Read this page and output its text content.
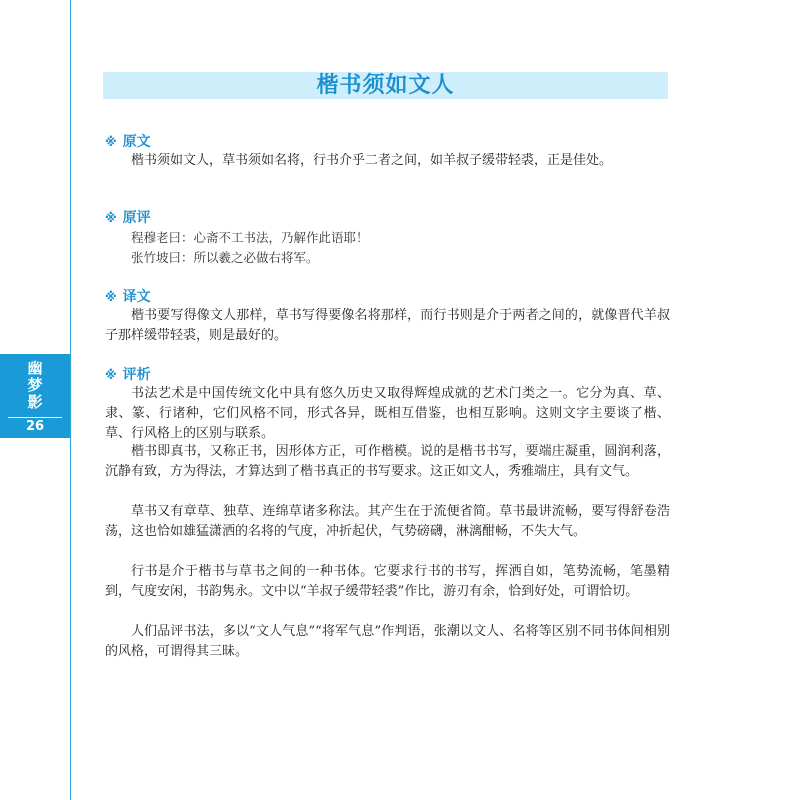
幽
梦
影
26
楷书须如文人
※ 原文

楷书须如文人，草书须如名将，行书介乎二者之间，如羊叔子缓带轻裘，正是佳处。

※ 原评
程穆老曰：心斋不工书法，乃解作此语耶！
张竹坡曰：所以羲之必做右将军。
※ 译文

楷书要写得像文人那样，草书写得要像名将那样，而行书则是介于两者之间的，就像晋代羊叔子那样缓带轻裘，则是最好的。

※ 评析

书法艺术是中国传统文化中具有悠久历史又取得辉煌成就的艺术门类之一。它分为真、草、隶、篆、行诸种，它们风格不同，形式各异，既相互借鉴，也相互影响。这则文字主要谈了楷、草、行风格上的区别与联系。

楷书即真书，又称正书，因形体方正，可作楷模。说的是楷书书写，要端庄凝重，圆润利落，沉静有致，方为得法，才算达到了楷书真正的书写要求。这正如文人，秀雅端庄，具有文气。

草书又有章草、独草、连绵草诸多称法。其产生在于流便省简。草书最讲流畅，要写得舒卷浩荡，这也恰如雄猛潇洒的名将的气度，冲折起伏，气势磅礴，淋漓酣畅，不失大气。

行书是介于楷书与草书之间的一种书体。它要求行书的书写，挥洒自如，笔势流畅，笔墨精到，气度安闲，书韵隽永。文中以“羊叔子缓带轻裘”作比，游刃有余，恰到好处，可谓恰切。

人们品评书法，多以“文人气息”“将军气息”作判语，张潮以文人、名将等区别不同书体间相别的风格，可谓得其三昧。
